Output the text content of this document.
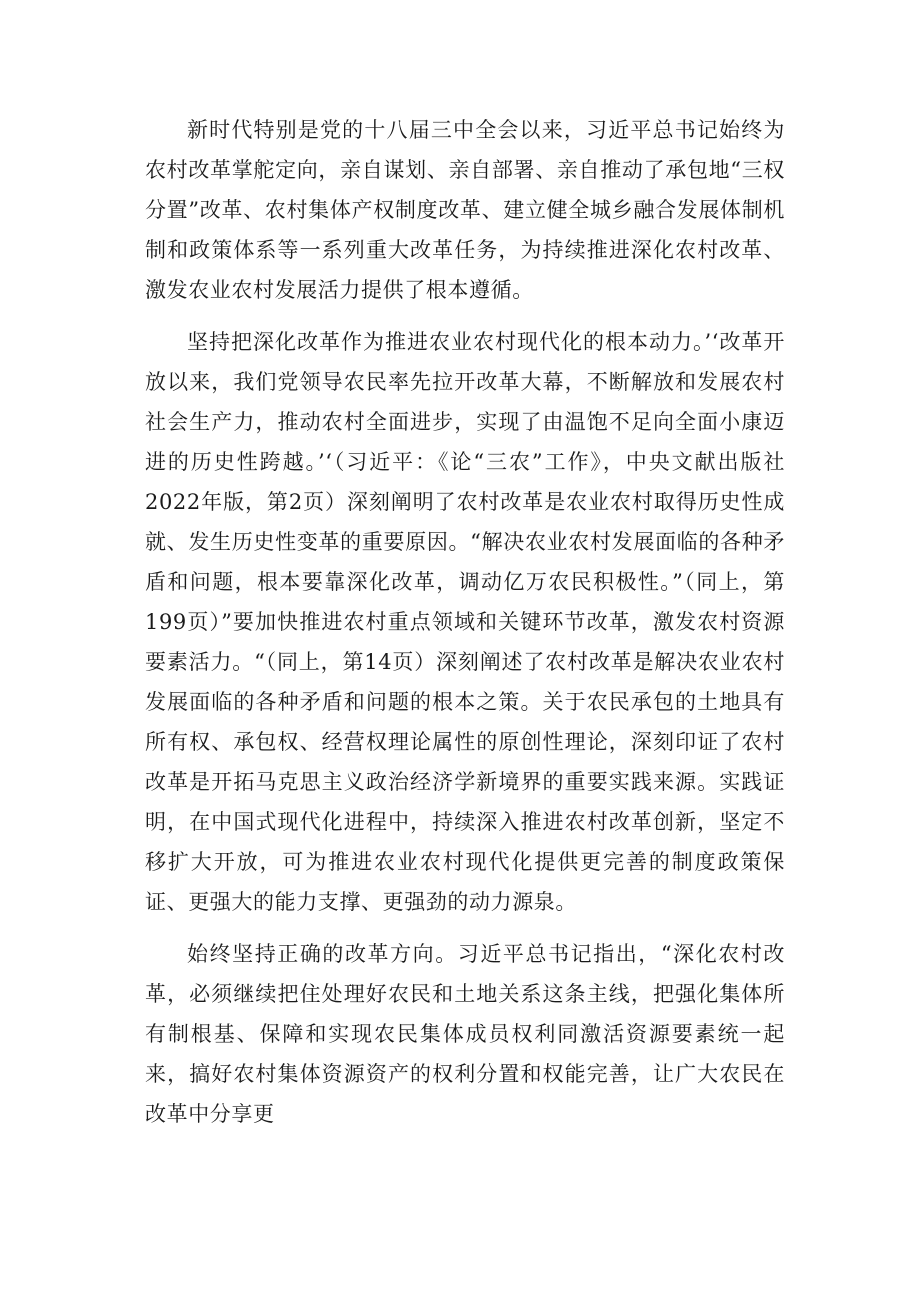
新时代特别是党的十八届三中全会以来，习近平总书记始终为农村改革掌舵定向，亲自谋划、亲自部署、亲自推动了承包地“三权分置”改革、农村集体产权制度改革、建立健全城乡融合发展体制机制和政策体系等一系列重大改革任务，为持续推进深化农村改革、激发农业农村发展活力提供了根本遵循。

坚持把深化改革作为推进农业农村现代化的根本动力。’‘改革开放以来，我们党领导农民率先拉开改革大幕，不断解放和发展农村社会生产力，推动农村全面进步，实现了由温饱不足向全面小康迈进的历史性跨越。’‘（习近平：《论“三农”工作》，中央文献出版社2022年版，第2页）深刻阐明了农村改革是农业农村取得历史性成就、发生历史性变革的重要原因。“解决农业农村发展面临的各种矛盾和问题，根本要靠深化改革，调动亿万农民积极性。”（同上，第199页）”要加快推进农村重点领域和关键环节改革，激发农村资源要素活力。“（同上，第14页）深刻阐述了农村改革是解决农业农村发展面临的各种矛盾和问题的根本之策。关于农民承包的土地具有所有权、承包权、经营权理论属性的原创性理论，深刻印证了农村改革是开拓马克思主义政治经济学新境界的重要实践来源。实践证明，在中国式现代化进程中，持续深入推进农村改革创新，坚定不移扩大开放，可为推进农业农村现代化提供更完善的制度政策保证、更强大的能力支撑、更强劲的动力源泉。

始终坚持正确的改革方向。习近平总书记指出，“深化农村改革，必须继续把住处理好农民和土地关系这条主线，把强化集体所有制根基、保障和实现农民集体成员权利同激活资源要素统一起来，搞好农村集体资源资产的权利分置和权能完善，让广大农民在改革中分享更
